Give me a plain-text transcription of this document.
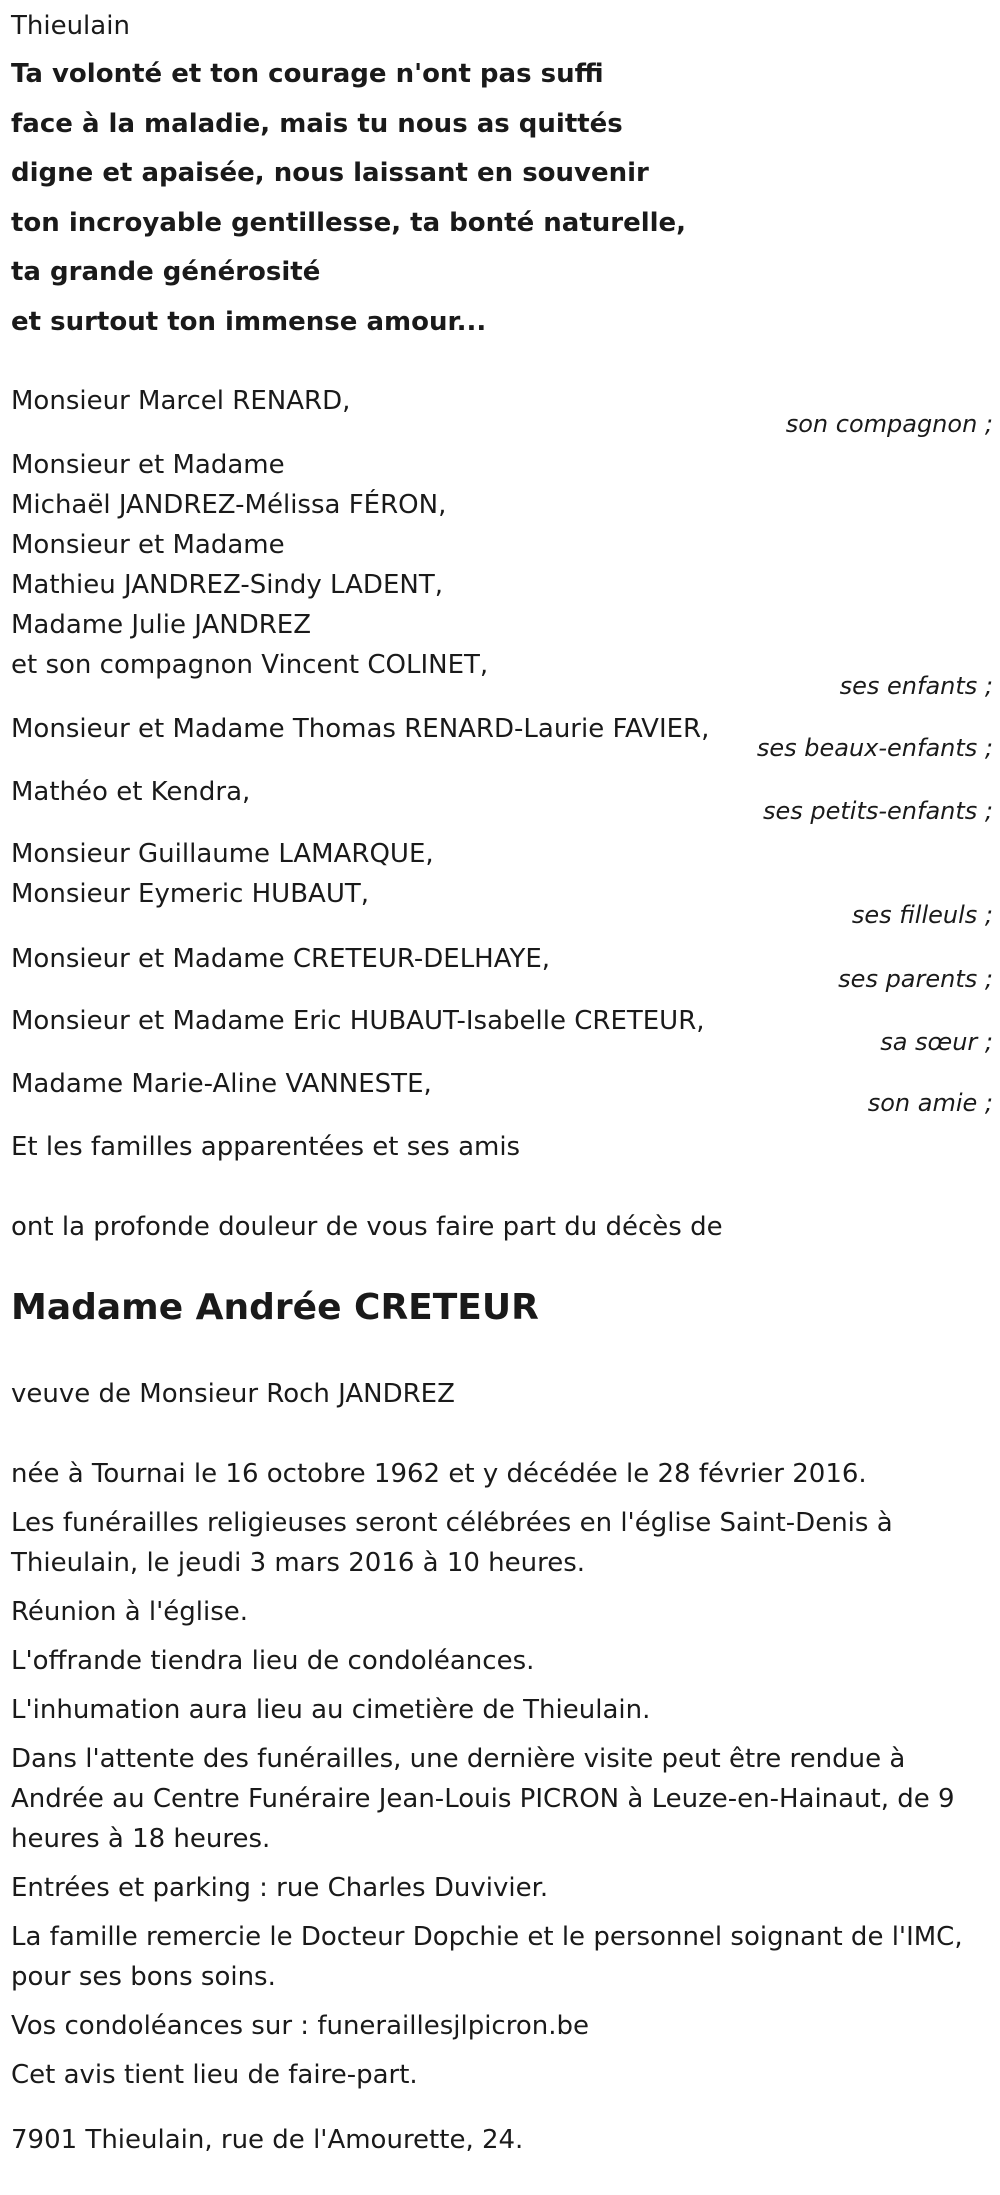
Thieulain

Ta volonté et ton courage n'ont pas suffi

face à la maladie, mais tu nous as quittés

digne et apaisée, nous laissant en souvenir

ton incroyable gentillesse, ta bonté naturelle,

ta grande générosité

et surtout ton immense amour...

Monsieur Marcel RENARD,

son compagnon ;

Monsieur et Madame

Michaël JANDREZ-Mélissa FÉRON,

Monsieur et Madame

Mathieu JANDREZ-Sindy LADENT,

Madame Julie JANDREZ

et son compagnon Vincent COLINET,

ses enfants ;

Monsieur et Madame Thomas RENARD-Laurie FAVIER,

ses beaux-enfants ;

Mathéo et Kendra,

ses petits-enfants ;

Monsieur Guillaume LAMARQUE,

Monsieur Eymeric HUBAUT,

ses filleuls ;

Monsieur et Madame CRETEUR-DELHAYE,

ses parents ;

Monsieur et Madame Eric HUBAUT-Isabelle CRETEUR,

sa sœur ;

Madame Marie-Aline VANNESTE,

son amie ;

Et les familles apparentées et ses amis

ont la profonde douleur de vous faire part du décès de

Madame Andrée CRETEUR

veuve de Monsieur Roch JANDREZ

née à Tournai le 16 octobre 1962 et y décédée le 28 février 2016.

Les funérailles religieuses seront célébrées en l'église Saint-Denis à Thieulain, le jeudi 3 mars 2016 à 10 heures.

Réunion à l'église.

L'offrande tiendra lieu de condoléances.

L'inhumation aura lieu au cimetière de Thieulain.

Dans l'attente des funérailles, une dernière visite peut être rendue à Andrée au Centre Funéraire Jean-Louis PICRON à Leuze-en-Hainaut, de 9 heures à 18 heures.

Entrées et parking : rue Charles Duvivier.

La famille remercie le Docteur Dopchie et le personnel soignant de l'IMC, pour ses bons soins.

Vos condoléances sur : funeraillesjlpicron.be

Cet avis tient lieu de faire-part.

7901 Thieulain, rue de l'Amourette, 24.
